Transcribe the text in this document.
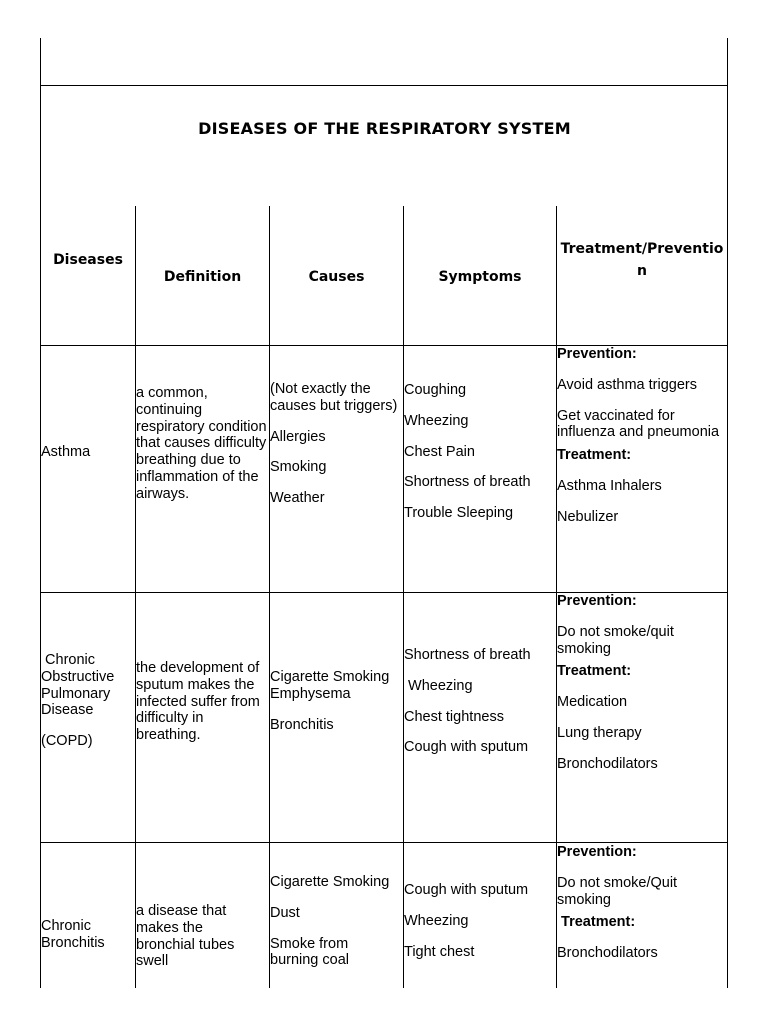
DISEASES OF THE RESPIRATORY SYSTEM
Diseases
Definition	Causes	Symptoms
Treatment/Preventio
n

Asthma

a common, continuing respiratory condition that causes difficulty breathing due to inflammation of the airways.

(Not exactly the causes but triggers)

Allergies

Smoking

Weather

Coughing

Wheezing

Chest Pain

Shortness of breath

Trouble Sleeping

Prevention:

Avoid asthma triggers

Get vaccinated for influenza and pneumonia

Treatment:

Asthma Inhalers

Nebulizer

Chronic Obstructive Pulmonary Disease

(COPD)

the development of sputum makes the infected suffer from difficulty in breathing.

Cigarette Smoking Emphysema

Bronchitis

Shortness of breath

Wheezing

Chest tightness

Cough with sputum

Prevention:

Do not smoke/quit smoking

Treatment:

Medication

Lung therapy

Bronchodilators

Chronic Bronchitis

a disease that makes the bronchial tubes swell

Cigarette Smoking

Dust

Smoke from burning coal

Cough with sputum

Wheezing

Tight chest

Prevention:

Do not smoke/Quit smoking

Treatment:

Bronchodilators
